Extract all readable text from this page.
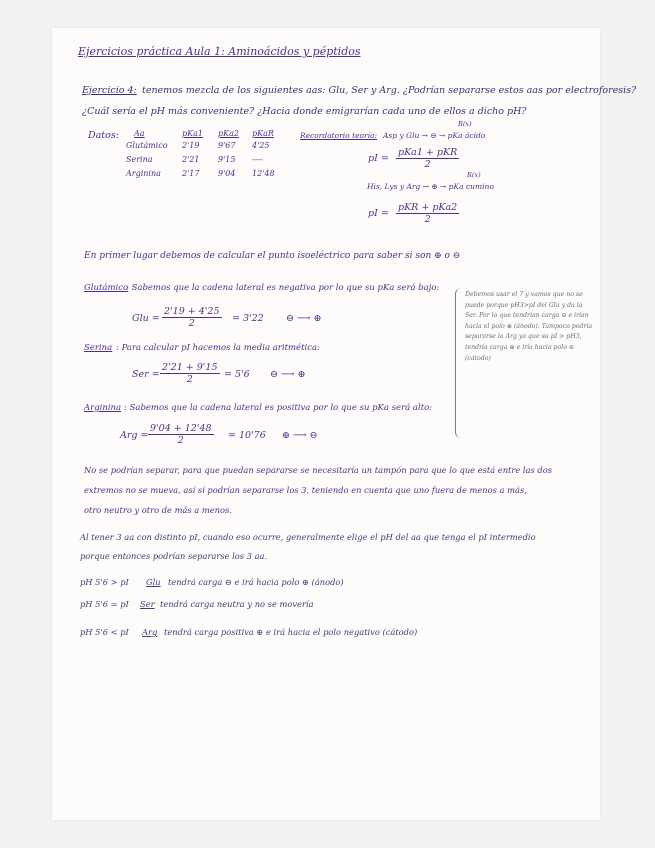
Ejercicios práctica Aula 1: Aminoácidos y péptidos
Ejercicio 4: tenemos mezcla de los siguientes aas: Glu, Ser y Arg. ¿Podrían separarse estos aas por electroforesis?
¿Cuál sería el pH más conveniente? ¿Hacia donde emigrarían cada uno de ellos a dicho pH?
Datos: Aa	pKa1	pKa2	pKaR
Glutámico	2'19	9'67	4'25
Serina	2'21	9'15	----
Arginina	2'17	9'04	12'48
Recordatorio teoría:
R(x)
Asp y Glu → ⊖ → pKa ácido
pI =
pKa1 + pKR
2
R(x)
His, Lys y Arg → ⊕ → pKa cumino
pI =
pKR + pKa2
2
En primer lugar debemos de calcular el punto isoeléctrico para saber si son ⊕ o ⊖
Glutámico
: Sabemos que la cadena lateral es negativa por lo que su pKa será bajo:
Glu = $\frac{2'19 + 4'25}{2} = 3'22$ ⊖ ⟶ ⊕
Serina : Para calcular pI hacemos la media aritmética:
Ser = $\frac{2'21 + 9'15}{2} = 5'6$ ⊖ ⟶ ⊕
Arginina : Sabemos que la cadena lateral es positiva por lo que su pKa será alto:
Arg = $\frac{9'04 + 12'48}{2} = 10'76$ ⊕ ⟶ ⊖
Debemos usar el 7 y vamos que no se puede porque pH3>pI del Glu y da la Ser. Por lo que tendrían carga ⊖ e irían hacia el polo ⊕ (ánodo). Tampoco podría separarse la Arg ya que su pI > pH3, tendría carga ⊕ e iría hacia polo ⊖ (cátodo)
No se podrían separar, para que puedan separarse se necesitaría un tampón para que lo que está entre las dos
extremos no se mueva, así sí podrían separarse los 3, teniendo en cuenta que uno fuera de menos a más,
otro neutro y otro de más a menos.
Al tener 3 aa con distinto pI, cuando eso ocurre, generalmente elige el pH del aa que tenga el pI intermedio
porque entonces podrían separarse los 3 aa.
pH 5'6 > pI Glu tendrá carga ⊖ e irá hacia polo ⊕ (ánodo)
pH 5'6 = pI Ser tendrá carga neutra y no se movería
pH 5'6 < pI Arg tendrá carga positiva ⊕ e irá hacia el polo negativo (cátodo)
